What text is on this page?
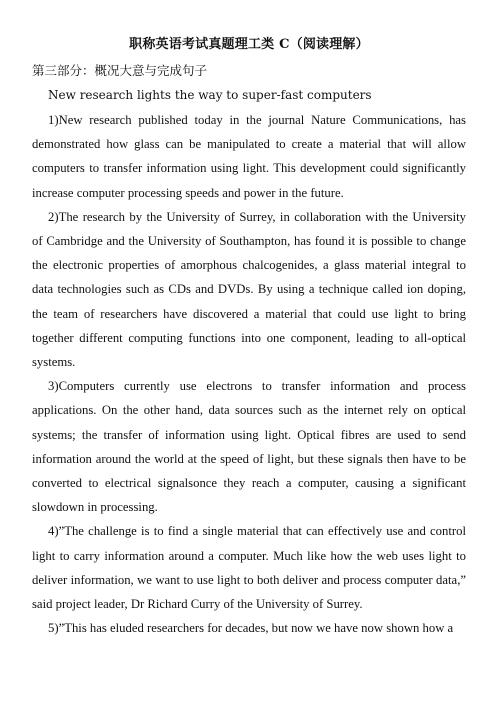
职称英语考试真题理工类 C（阅读理解）
第三部分：概况大意与完成句子
New research lights the way to super-fast computers

1)New research published today in the journal Nature Communications, has demonstrated how glass can be manipulated to create a material that will allow computers to transfer information using light. This development could significantly increase computer processing speeds and power in the future.

2)The research by the University of Surrey, in collaboration with the University of Cambridge and the University of Southampton, has found it is possible to change the electronic properties of amorphous chalcogenides, a glass material integral to data technologies such as CDs and DVDs. By using a technique called ion doping, the team of researchers have discovered a material that could use light to bring together different computing functions into one component, leading to all-optical systems.

3)Computers currently use electrons to transfer information and process applications. On the other hand, data sources such as the internet rely on optical systems; the transfer of information using light. Optical fibres are used to send information around the world at the speed of light, but these signals then have to be converted to electrical signalsonce they reach a computer, causing a significant slowdown in processing.

4)”The challenge is to find a single material that can effectively use and control light to carry information around a computer. Much like how the web uses light to deliver information, we want to use light to both deliver and process computer data,” said project leader, Dr Richard Curry of the University of Surrey.

5)”This has eluded researchers for decades, but now we have now shown how a
